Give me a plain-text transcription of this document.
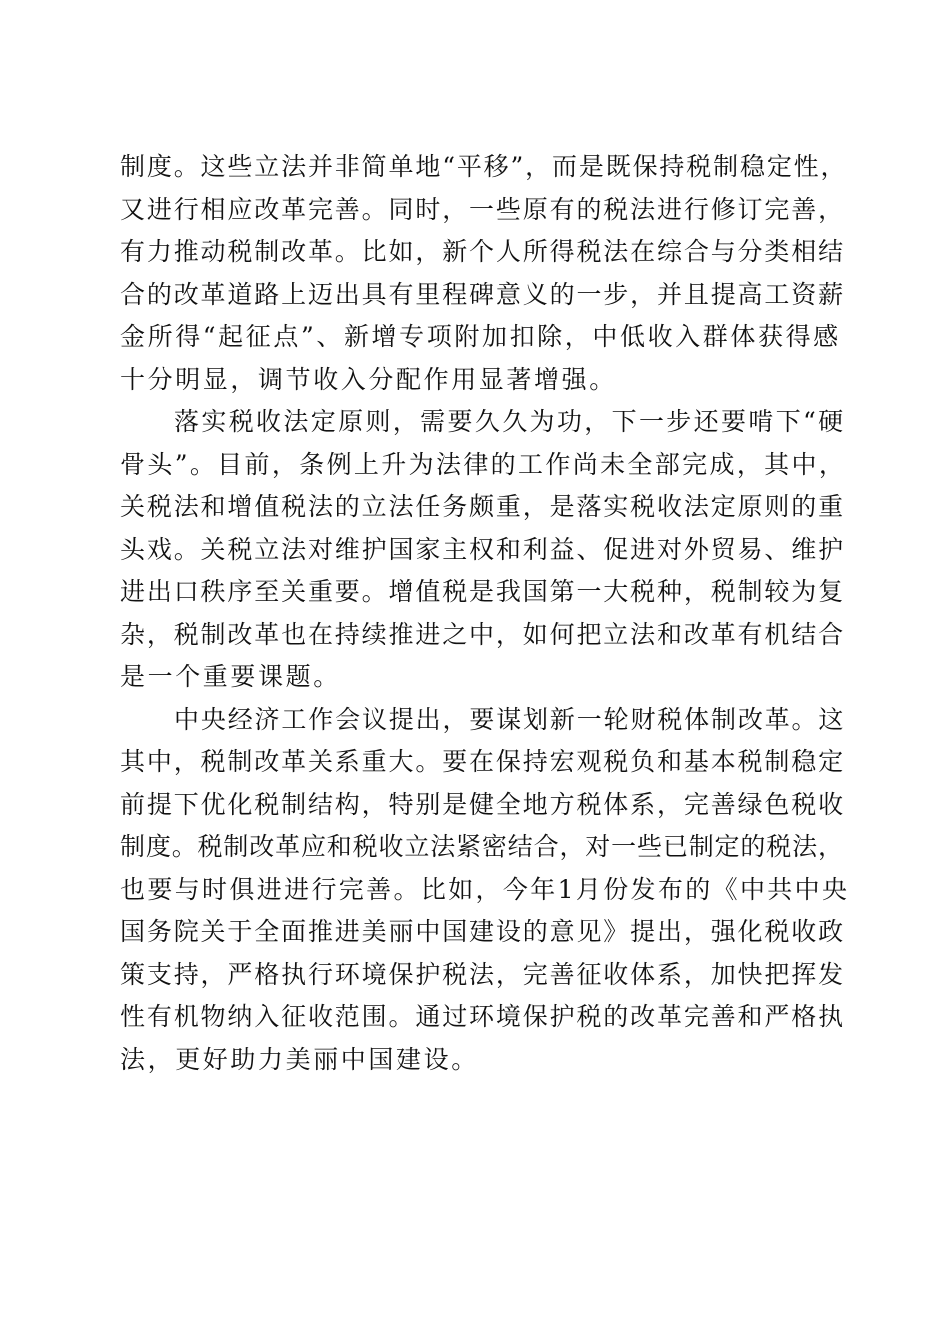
制度。这些立法并非简单地“平移”，而是既保持税制稳定性，
又进行相应改革完善。同时，一些原有的税法进行修订完善，
有力推动税制改革。比如，新个人所得税法在综合与分类相结
合的改革道路上迈出具有里程碑意义的一步，并且提高工资薪
金所得“起征点”、新增专项附加扣除，中低收入群体获得感
十分明显，调节收入分配作用显著增强。
落实税收法定原则，需要久久为功，下一步还要啃下“硬
骨头”。目前，条例上升为法律的工作尚未全部完成，其中，
关税法和增值税法的立法任务颇重，是落实税收法定原则的重
头戏。关税立法对维护国家主权和利益、促进对外贸易、维护
进出口秩序至关重要。增值税是我国第一大税种，税制较为复
杂，税制改革也在持续推进之中，如何把立法和改革有机结合
是一个重要课题。
中央经济工作会议提出，要谋划新一轮财税体制改革。这
其中，税制改革关系重大。要在保持宏观税负和基本税制稳定
前提下优化税制结构，特别是健全地方税体系，完善绿色税收
制度。税制改革应和税收立法紧密结合，对一些已制定的税法，
也要与时俱进进行完善。比如，今年1月份发布的《中共中央
国务院关于全面推进美丽中国建设的意见》提出，强化税收政
策支持，严格执行环境保护税法，完善征收体系，加快把挥发
性有机物纳入征收范围。通过环境保护税的改革完善和严格执
法，更好助力美丽中国建设。
